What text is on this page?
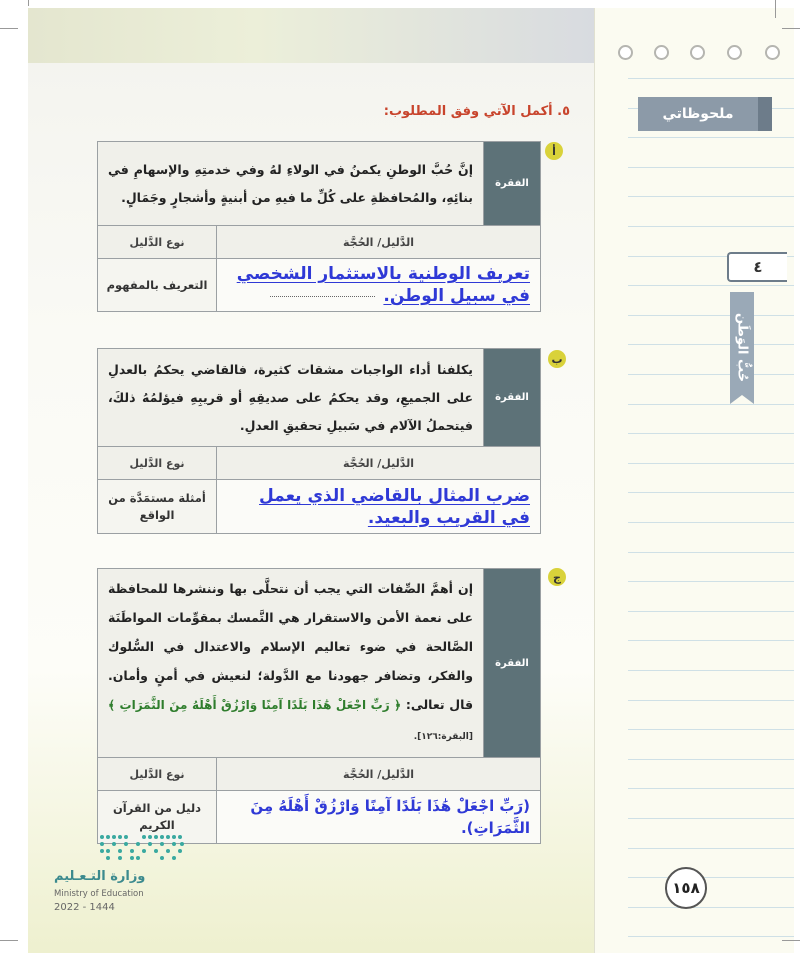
ملحوظاتي
٤
حُبُّ الوَطَن
١٥٨
٥. أكمل الآتي وفق المطلوب:
أ
الفقرة	إنَّ حُبَّ الوطنِ يكمنُ في الولاءِ لهُ وفي خدمتِهِ والإسهامِ في بنائِهِ، والمُحافظةِ على كُلِّ ما فيهِ من أبنيةٍ وأشجارٍ وجَمَالٍ.	
الدَّليل/ الحُجَّة		نوع الدَّليل
تعريف الوطنية بالاستثمار الشخصي في سبيل الوطن.		التعريف بالمفهوم
ب
الفقرة	يكلفنا أداء الواجبات مشقات كثيرة، فالقاضي يحكمُ بالعدلِ على الجميعِ، وقد يحكمُ على صديقِهِ أو قريبِهِ فيؤلمُهُ ذلكَ، فيتحملُ الآلام في سَبيلِ تحقيقِ العدلِ.	
الدَّليل/ الحُجَّة		نوع الدَّليل
ضرب المثال بالقاضي الذي يعمل في القريب والبعيد.		أمثلة مستمَدَّة من الواقع
ج
الفقرة	إن أهمَّ الصِّفات التي يجب أن نتحلَّى بها وننشرها للمحافظة على نعمة الأمن والاستقرار هي التَّمسك بمقوِّمات المواطَنَة الصَّالحة في ضوء تعاليم الإسلام والاعتدال في السُّلوك والفكر، وتضافر جهودنا مع الدَّولة؛ لنعيش في أمنٍ وأمان. قال تعالى: ﴿ رَبِّ اجْعَلْ هَٰذَا بَلَدًا آمِنًا وَارْزُقْ أَهْلَهُ مِنَ الثَّمَرَاتِ ﴾ [البقرة:١٢٦].	
الدَّليل/ الحُجَّة		نوع الدَّليل
(رَبِّ اجْعَلْ هَٰذَا بَلَدًا آمِنًا وَارْزُقْ أَهْلَهُ مِنَ الثَّمَرَاتِ).		دليل من القرآن الكريم
وزارة التـعـليم
Ministry of Education
2022 - 1444
